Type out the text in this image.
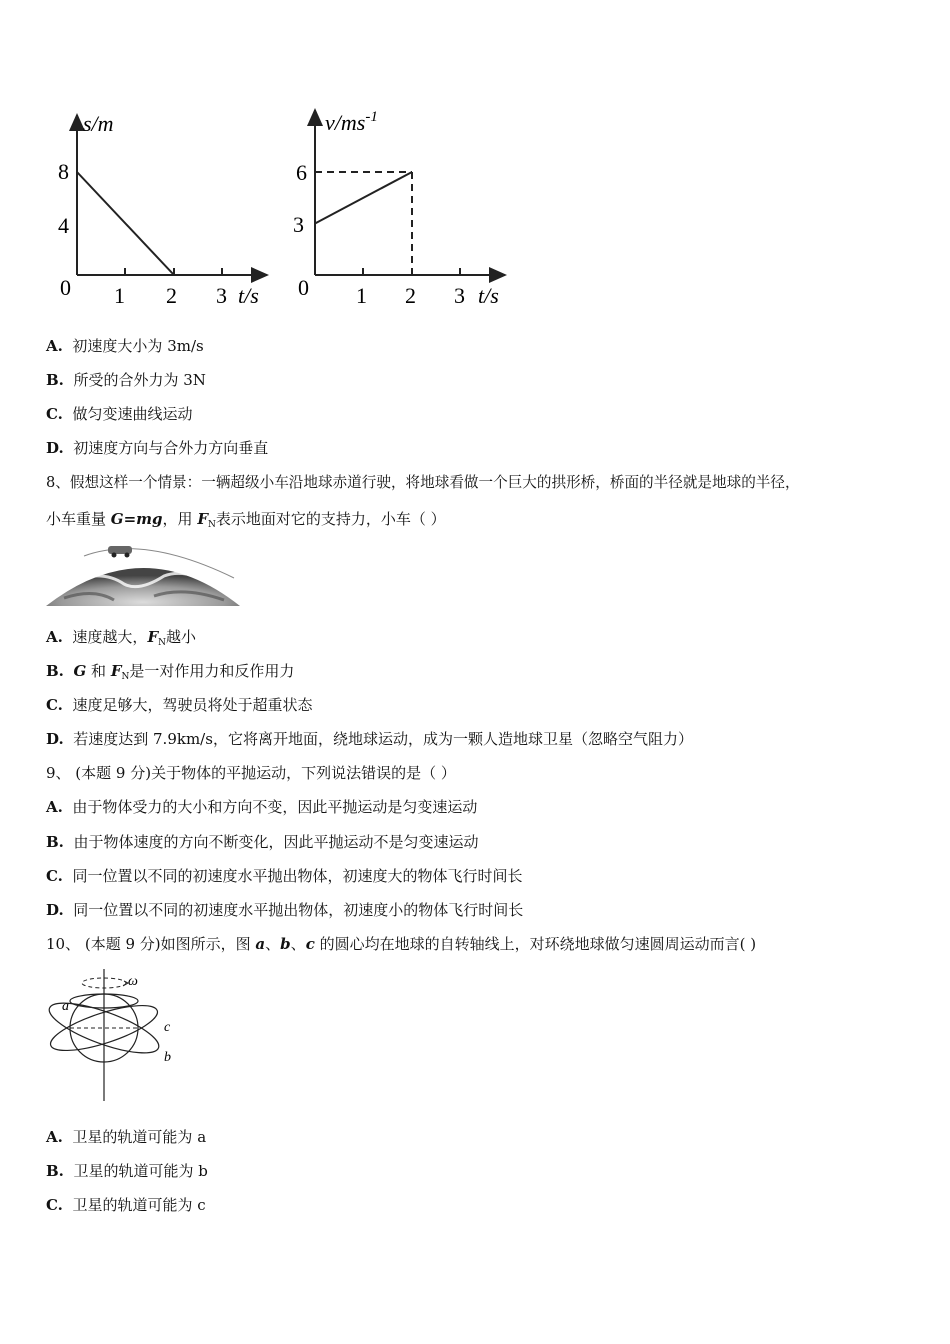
s/m
8
4
0 1 2 3 t/s
$v/ms^{-1}$
6
3
0 1 2 3 t/s
A. 初速度大小为 3m/s
B. 所受的合外力为 3N
C. 做匀变速曲线运动
D. 初速度方向与合外力方向垂直
8、假想这样一个情景：一辆超级小车沿地球赤道行驶，将地球看做一个巨大的拱形桥，桥面的半径就是地球的半径，
小车重量 G=mg，用 $F_N$表示地面对它的支持力，小车（ ）
A. 速度越大，$F_N$越小
B. G 和 $F_N$是一对作用力和反作用力
C. 速度足够大，驾驶员将处于超重状态
D. 若速度达到 7.9km/s，它将离开地面，绕地球运动，成为一颗人造地球卫星（忽略空气阻力）
9、 (本题 9 分)关于物体的平抛运动，下列说法错误的是（ ）
A. 由于物体受力的大小和方向不变，因此平抛运动是匀变速运动
B. 由于物体速度的方向不断变化，因此平抛运动不是匀变速运动
C. 同一位置以不同的初速度水平抛出物体，初速度大的物体飞行时间长
D. 同一位置以不同的初速度水平抛出物体，初速度小的物体飞行时间长
10、 (本题 9 分)如图所示，图 a、b、c 的圆心均在地球的自转轴线上，对环绕地球做匀速圆周运动而言( )
ω
a
c
b
A. 卫星的轨道可能为 a
B. 卫星的轨道可能为 b
C. 卫星的轨道可能为 c
